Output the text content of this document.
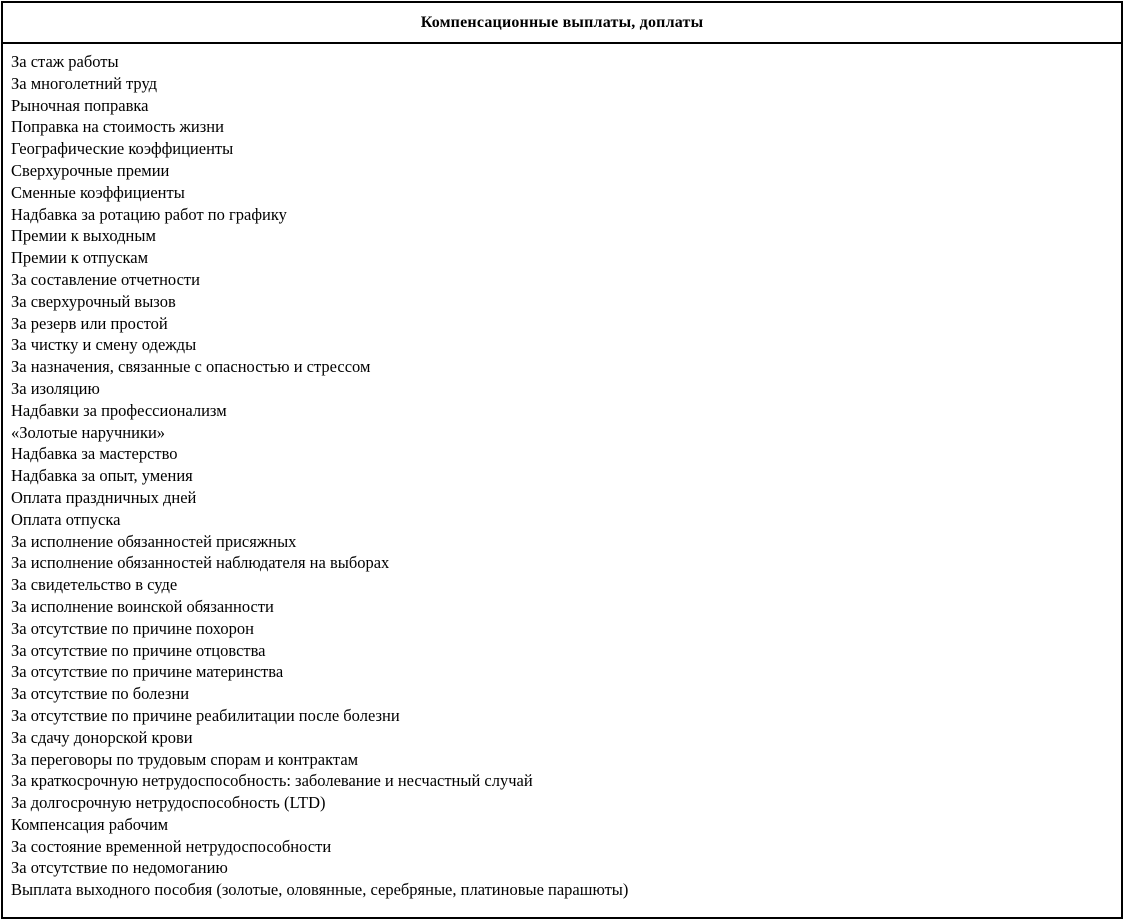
Компенсационные выплаты, доплаты
За стаж работы
За многолетний труд
Рыночная поправка
Поправка на стоимость жизни
Географические коэффициенты
Сверхурочные премии
Сменные коэффициенты
Надбавка за ротацию работ по графику
Премии к выходным
Премии к отпускам
За составление отчетности
За сверхурочный вызов
За резерв или простой
За чистку и смену одежды
За назначения, связанные с опасностью и стрессом
За изоляцию
Надбавки за профессионализм
«Золотые наручники»
Надбавка за мастерство
Надбавка за опыт, умения
Оплата праздничных дней
Оплата отпуска
За исполнение обязанностей присяжных
За исполнение обязанностей наблюдателя на выборах
За свидетельство в суде
За исполнение воинской обязанности
За отсутствие по причине похорон
За отсутствие по причине отцовства
За отсутствие по причине материнства
За отсутствие по болезни
За отсутствие по причине реабилитации после болезни
За сдачу донорской крови
За переговоры по трудовым спорам и контрактам
За краткосрочную нетрудоспособность: заболевание и несчастный случай
За долгосрочную нетрудоспособность (LTD)
Компенсация рабочим
За состояние временной нетрудоспособности
За отсутствие по недомоганию
Выплата выходного пособия (золотые, оловянные, серебряные, платиновые парашюты)
